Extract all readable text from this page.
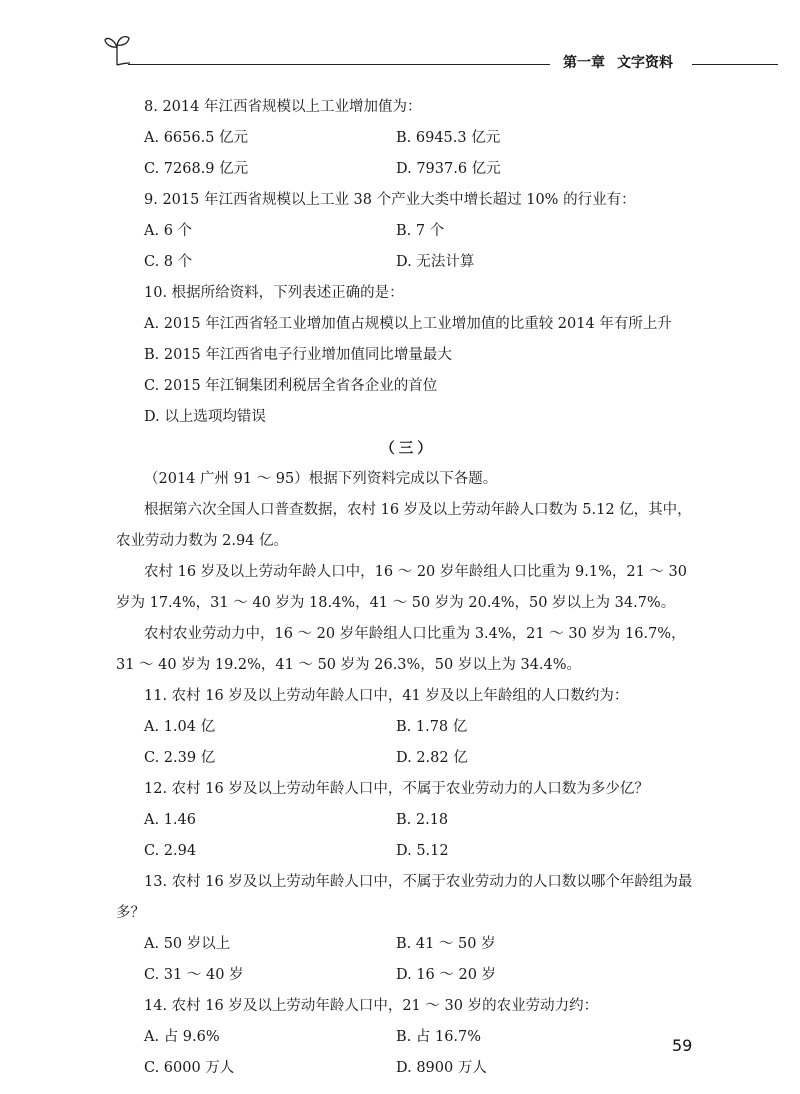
第一章 文字资料
8. 2014 年江西省规模以上工业增加值为：
A. 6656.5 亿元	B. 6945.3 亿元
C. 7268.9 亿元	D. 7937.6 亿元
9. 2015 年江西省规模以上工业 38 个产业大类中增长超过 10% 的行业有：
A. 6 个	B. 7 个
C. 8 个	D. 无法计算
10. 根据所给资料，下列表述正确的是：
A. 2015 年江西省轻工业增加值占规模以上工业增加值的比重较 2014 年有所上升
B. 2015 年江西省电子行业增加值同比增量最大
C. 2015 年江铜集团利税居全省各企业的首位
D. 以上选项均错误
（三）
（2014 广州 91 ～ 95）根据下列资料完成以下各题。
根据第六次全国人口普查数据，农村 16 岁及以上劳动年龄人口数为 5.12 亿，其中，农业劳动力数为 2.94 亿。
农村 16 岁及以上劳动年龄人口中，16 ～ 20 岁年龄组人口比重为 9.1%，21 ～ 30 岁为 17.4%，31 ～ 40 岁为 18.4%，41 ～ 50 岁为 20.4%，50 岁以上为 34.7%。
农村农业劳动力中，16 ～ 20 岁年龄组人口比重为 3.4%，21 ～ 30 岁为 16.7%，31 ～ 40 岁为 19.2%，41 ～ 50 岁为 26.3%，50 岁以上为 34.4%。
11. 农村 16 岁及以上劳动年龄人口中，41 岁及以上年龄组的人口数约为：
A. 1.04 亿	B. 1.78 亿
C. 2.39 亿	D. 2.82 亿
12. 农村 16 岁及以上劳动年龄人口中，不属于农业劳动力的人口数为多少亿？
A. 1.46	B. 2.18
C. 2.94	D. 5.12
13. 农村 16 岁及以上劳动年龄人口中，不属于农业劳动力的人口数以哪个年龄组为最多？
A. 50 岁以上	B. 41 ～ 50 岁
C. 31 ～ 40 岁	D. 16 ～ 20 岁
14. 农村 16 岁及以上劳动年龄人口中，21 ～ 30 岁的农业劳动力约：
A. 占 9.6%	B. 占 16.7%
C. 6000 万人	D. 8900 万人
59
